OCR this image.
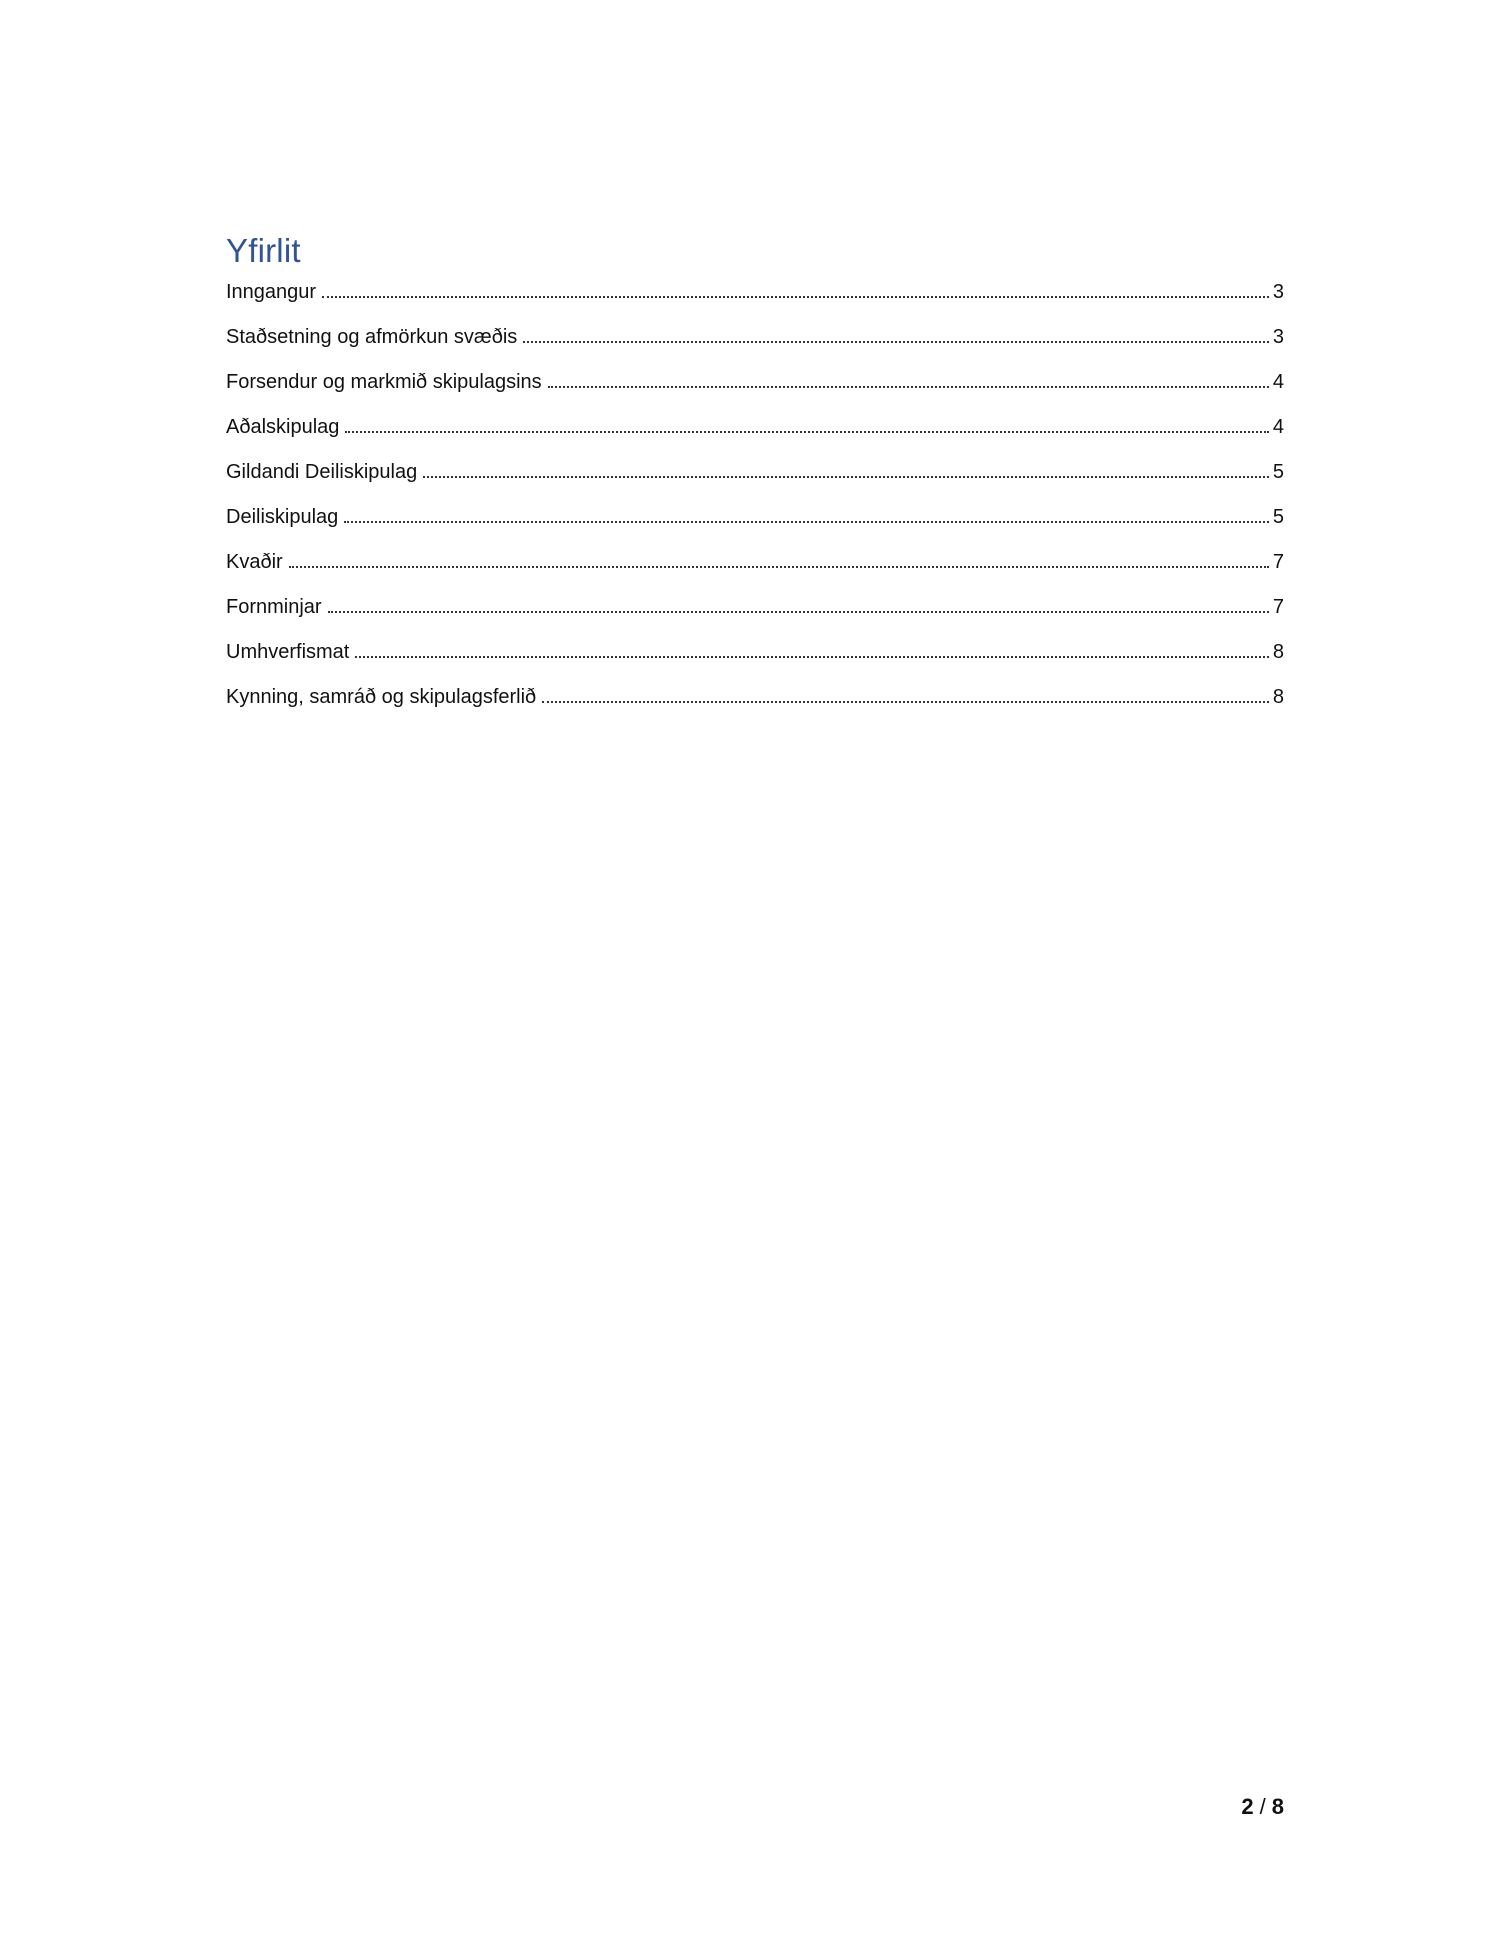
Yfirlit
Inngangur	3
Staðsetning og afmörkun svæðis	3
Forsendur og markmið skipulagsins	4
Aðalskipulag	4
Gildandi Deiliskipulag	5
Deiliskipulag	5
Kvaðir	7
Fornminjar	7
Umhverfismat	8
Kynning, samráð og skipulagsferlið	8
2 / 8
